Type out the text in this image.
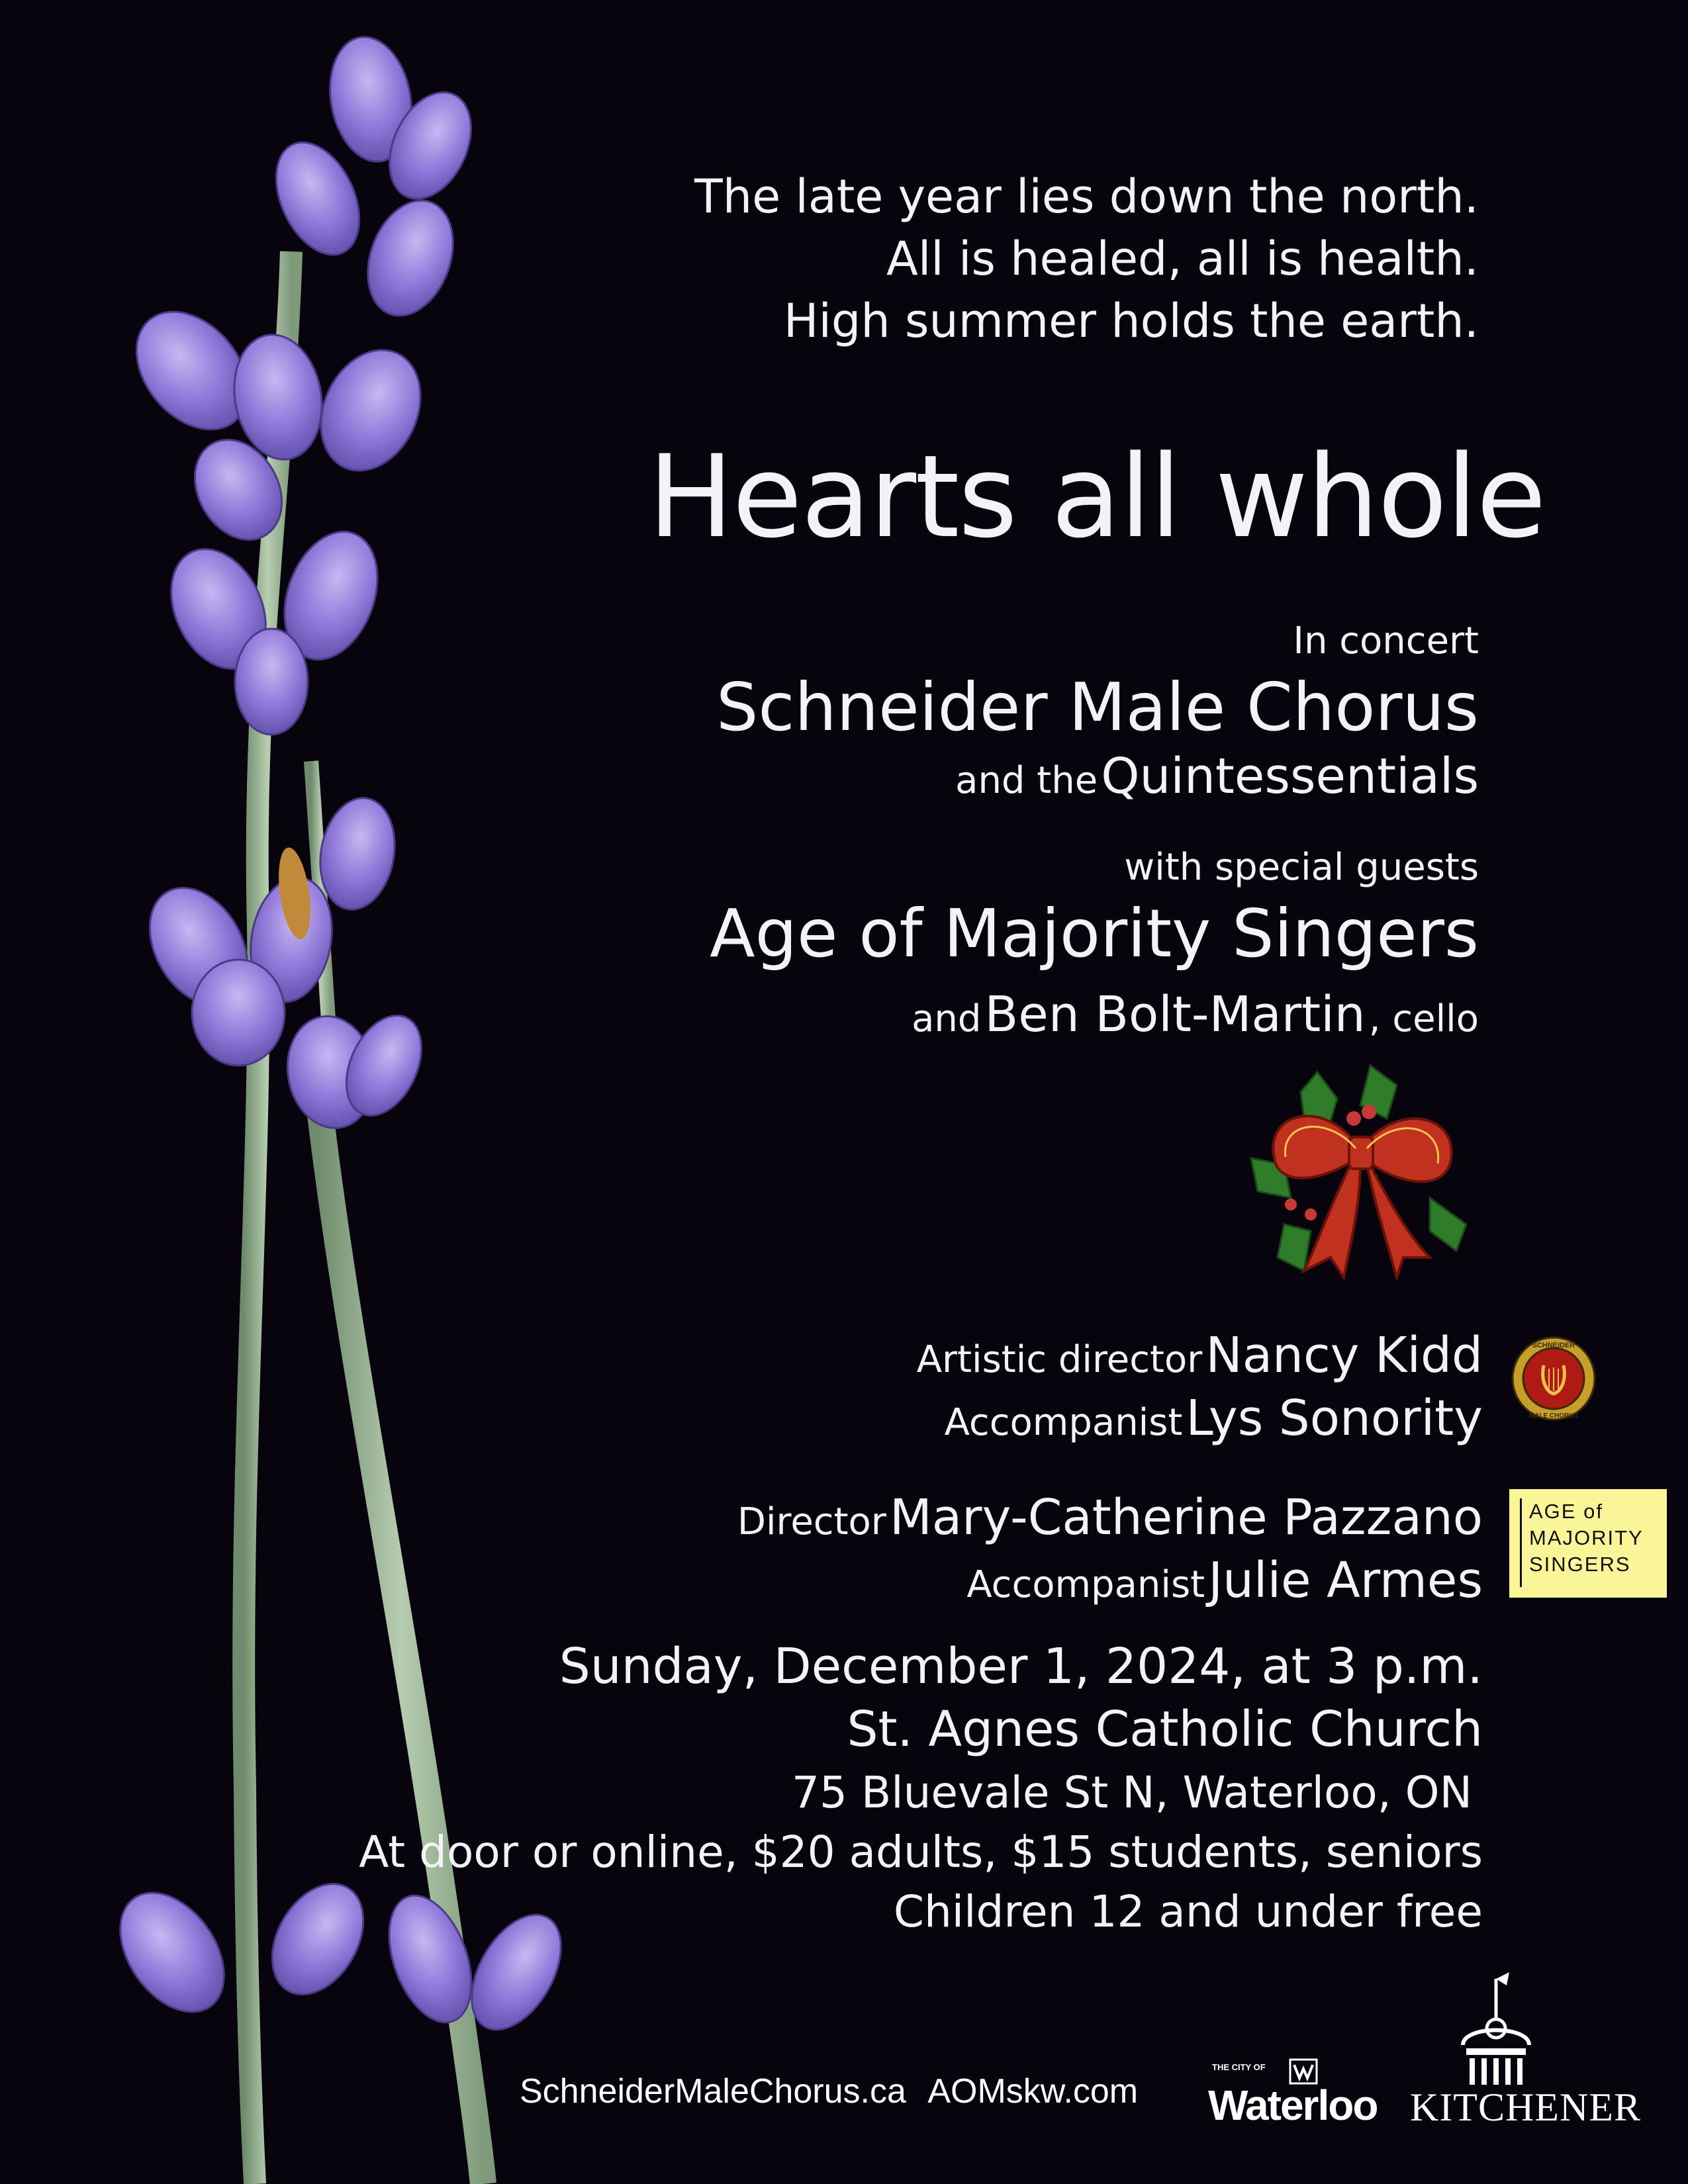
The late year lies down the north.
All is healed, all is health.
High summer holds the earth.
Hearts all whole
In concert
Schneider Male Chorus
and the Quintessentials
with special guests
Age of Majority Singers
and Ben Bolt-Martin , cello
Artistic director Nancy Kidd
Accompanist Lys Sonority
SCHNEIDER
MALE CHORUS
Director Mary-Catherine Pazzano
Accompanist Julie Armes
AGE of
MAJORITY
SINGERS
Sunday, December 1, 2024, at 3 p.m.
St. Agnes Catholic Church
75 Bluevale St N, Waterloo, ON
At door or online, $20 adults, $15 students, seniors
Children 12 and under free
SchneiderMaleChorus.ca AOMskw.com
THE CITY OF
Waterloo KITCHENER
